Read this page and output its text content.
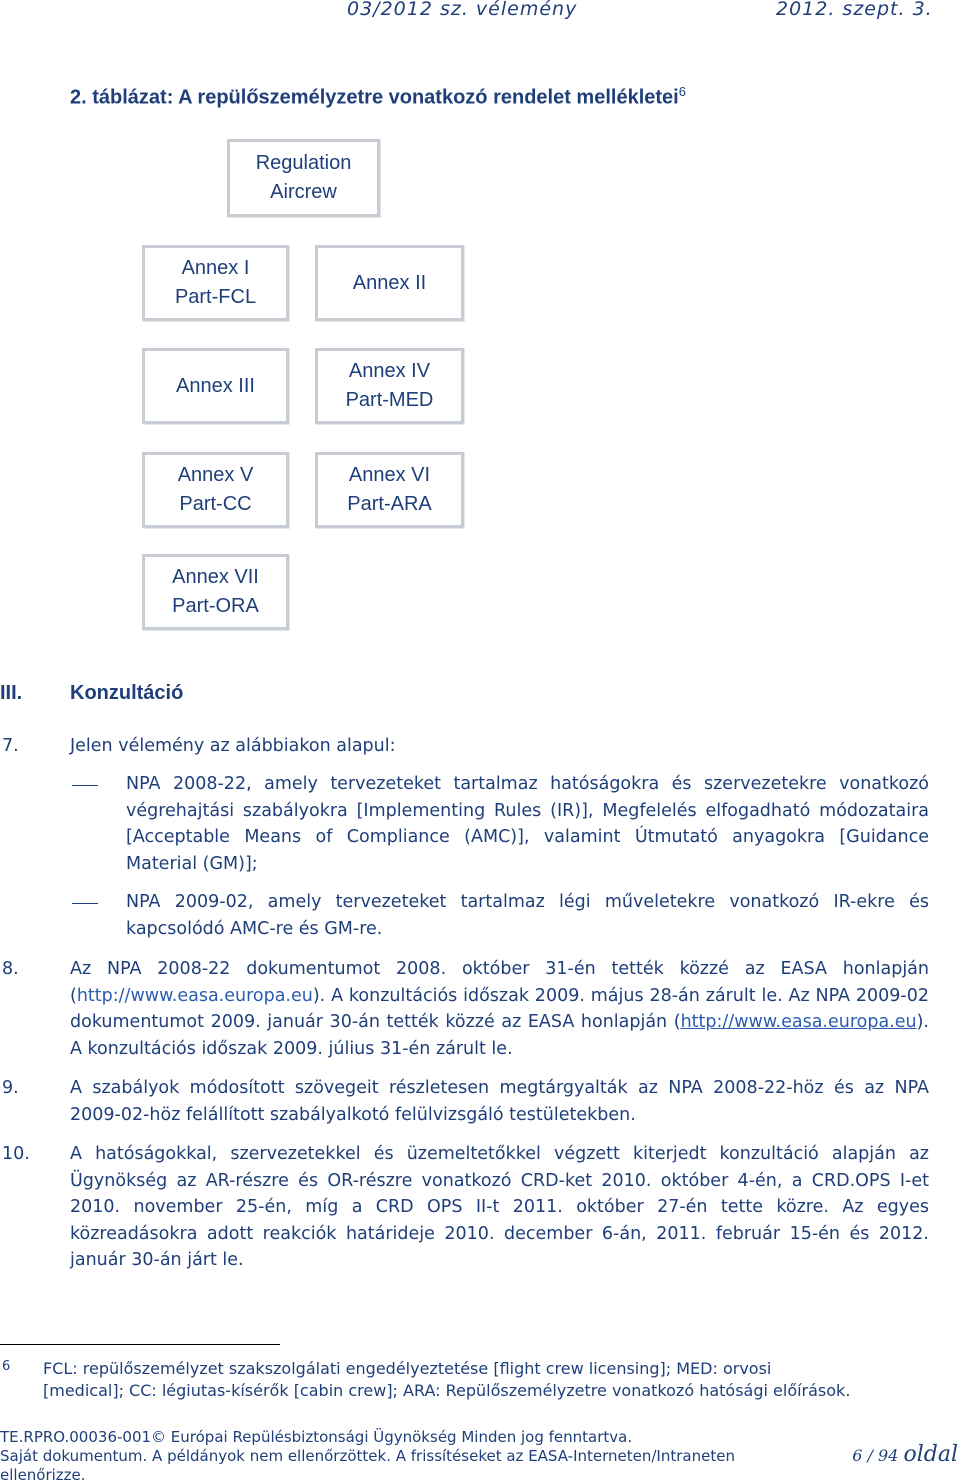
03/2012 sz. vélemény	2012. szept. 3.
2. táblázat: A repülőszemélyzetre vonatkozó rendelet mellékletei$^6$
Regulation
Aircrew
Annex I
Part-FCL
Annex II
Annex III
Annex IV
Part-MED
Annex V
Part-CC
Annex VI
Part-ARA
Annex VII
Part-ORA
III. Konzultáció
7.	Jelen vélemény az alábbiakon alapul:
NPA 2008-22, amely tervezeteket tartalmaz hatóságokra és szervezetekre vonatkozó végrehajtási szabályokra [Implementing Rules (IR)], Megfelelés elfogadható módozataira [Acceptable Means of Compliance (AMC)], valamint Útmutató anyagokra [Guidance Material (GM)];
NPA 2009-02, amely tervezeteket tartalmaz légi műveletekre vonatkozó IR-ekre és kapcsolódó AMC-re és GM-re.
8.	Az NPA 2008-22 dokumentumot 2008. október 31-én tették közzé az EASA honlapján (http://www.easa.europa.eu). A konzultációs időszak 2009. május 28-án zárult le. Az NPA 2009-02 dokumentumot 2009. január 30-án tették közzé az EASA honlapján (http://www.easa.europa.eu). A konzultációs időszak 2009. július 31-én zárult le.
9.	A szabályok módosított szövegeit részletesen megtárgyalták az NPA 2008-22-höz és az NPA 2009-02-höz felállított szabályalkotó felülvizsgáló testületekben.
10. A hatóságokkal, szervezetekkel és üzemeltetőkkel végzett kiterjedt konzultáció alapján az Ügynökség az AR-részre és OR-részre vonatkozó CRD-ket 2010. október 4-én, a CRD.OPS I-et 2010. november 25-én, míg a CRD OPS II-t 2011. október 27-én tette közre. Az egyes közreadásokra adott reakciók határideje 2010. december 6-án, 2011. február 15-én és 2012. január 30-án járt le.
6 FCL: repülőszemélyzet szakszolgálati engedélyeztetése [flight crew licensing]; MED: orvosi [medical]; CC: légiutas-kísérők [cabin crew]; ARA: Repülőszemélyzetre vonatkozó hatósági előírások.
TE.RPRO.00036-001© Európai Repülésbiztonsági Ügynökség Minden jog fenntartva.
Saját dokumentum. A példányok nem ellenőrzöttek. A frissítéseket az EASA-Interneten/Intraneten
ellenőrizze.
6 / 94 oldal
